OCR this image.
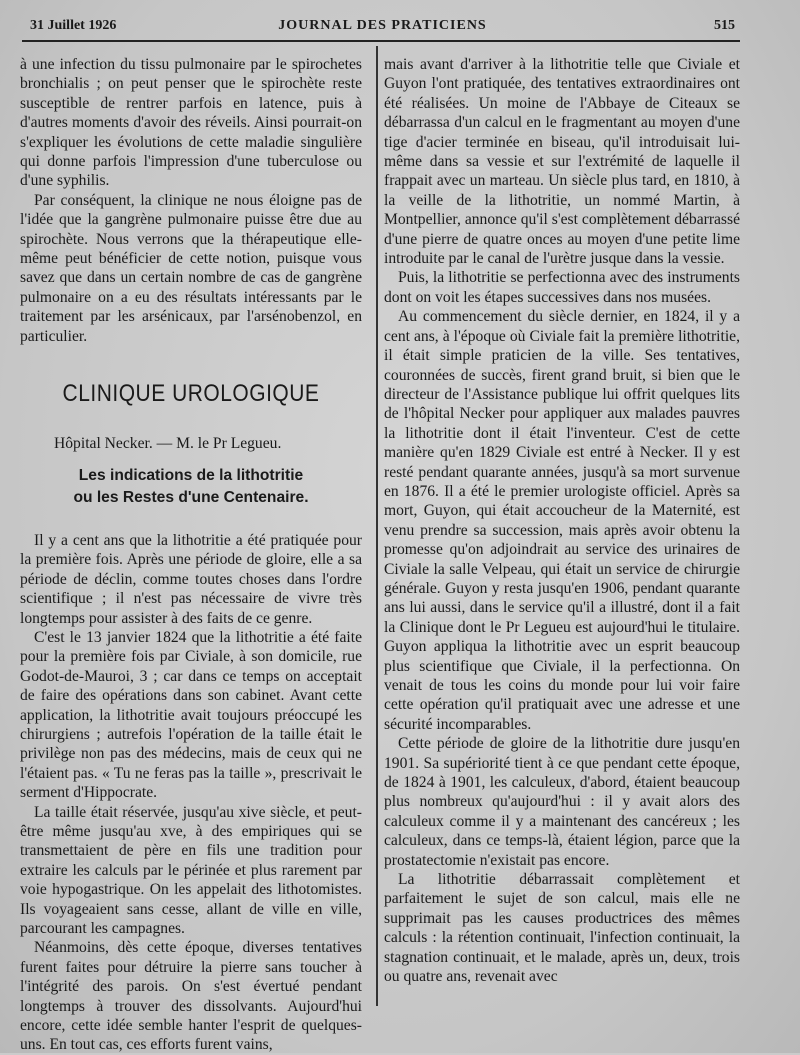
31 Juillet 1926	JOURNAL DES PRATICIENS	515

à une infection du tissu pulmonaire par le spirochetes bronchialis ; on peut penser que le spirochète reste susceptible de rentrer parfois en latence, puis à d'autres moments d'avoir des réveils. Ainsi pourrait-on s'expliquer les évolutions de cette maladie singulière qui donne parfois l'impression d'une tuberculose ou d'une syphilis.

Par conséquent, la clinique ne nous éloigne pas de l'idée que la gangrène pulmonaire puisse être due au spirochète. Nous verrons que la thérapeutique elle-même peut bénéficier de cette notion, puisque vous savez que dans un certain nombre de cas de gangrène pulmonaire on a eu des résultats intéressants par le traitement par les arsénicaux, par l'arsénobenzol, en particulier.

CLINIQUE UROLOGIQUE
Hôpital Necker. — M. le Pr Legueu.
Les indications de la lithotritie
ou les Restes d'une Centenaire.

Il y a cent ans que la lithotritie a été pratiquée pour la première fois. Après une période de gloire, elle a sa période de déclin, comme toutes choses dans l'ordre scientifique ; il n'est pas nécessaire de vivre très longtemps pour assister à des faits de ce genre.

C'est le 13 janvier 1824 que la lithotritie a été faite pour la première fois par Civiale, à son domicile, rue Godot-de-Mauroi, 3 ; car dans ce temps on acceptait de faire des opérations dans son cabinet. Avant cette application, la lithotritie avait toujours préoccupé les chirurgiens ; autrefois l'opération de la taille était le privilège non pas des médecins, mais de ceux qui ne l'étaient pas. « Tu ne feras pas la taille », prescrivait le serment d'Hippocrate.

La taille était réservée, jusqu'au xive siècle, et peut-être même jusqu'au xve, à des empiriques qui se transmettaient de père en fils une tradition pour extraire les calculs par le périnée et plus rarement par voie hypogastrique. On les appelait des lithotomistes. Ils voyageaient sans cesse, allant de ville en ville, parcourant les campagnes.

Néanmoins, dès cette époque, diverses tentatives furent faites pour détruire la pierre sans toucher à l'intégrité des parois. On s'est évertué pendant longtemps à trouver des dissolvants. Aujourd'hui encore, cette idée semble hanter l'esprit de quelques-uns. En tout cas, ces efforts furent vains,

mais avant d'arriver à la lithotritie telle que Civiale et Guyon l'ont pratiquée, des tentatives extraordinaires ont été réalisées. Un moine de l'Abbaye de Citeaux se débarrassa d'un calcul en le fragmentant au moyen d'une tige d'acier terminée en biseau, qu'il introduisait lui-même dans sa vessie et sur l'extrémité de laquelle il frappait avec un marteau. Un siècle plus tard, en 1810, à la veille de la lithotritie, un nommé Martin, à Montpellier, annonce qu'il s'est complètement débarrassé d'une pierre de quatre onces au moyen d'une petite lime introduite par le canal de l'urètre jusque dans la vessie.

Puis, la lithotritie se perfectionna avec des instruments dont on voit les étapes successives dans nos musées.

Au commencement du siècle dernier, en 1824, il y a cent ans, à l'époque où Civiale fait la première lithotritie, il était simple praticien de la ville. Ses tentatives, couronnées de succès, firent grand bruit, si bien que le directeur de l'Assistance publique lui offrit quelques lits de l'hôpital Necker pour appliquer aux malades pauvres la lithotritie dont il était l'inventeur. C'est de cette manière qu'en 1829 Civiale est entré à Necker. Il y est resté pendant quarante années, jusqu'à sa mort survenue en 1876. Il a été le premier urologiste officiel. Après sa mort, Guyon, qui était accoucheur de la Maternité, est venu prendre sa succession, mais après avoir obtenu la promesse qu'on adjoindrait au service des urinaires de Civiale la salle Velpeau, qui était un service de chirurgie générale. Guyon y resta jusqu'en 1906, pendant quarante ans lui aussi, dans le service qu'il a illustré, dont il a fait la Clinique dont le Pr Legueu est aujourd'hui le titulaire. Guyon appliqua la lithotritie avec un esprit beaucoup plus scientifique que Civiale, il la perfectionna. On venait de tous les coins du monde pour lui voir faire cette opération qu'il pratiquait avec une adresse et une sécurité incomparables.

Cette période de gloire de la lithotritie dure jusqu'en 1901. Sa supériorité tient à ce que pendant cette époque, de 1824 à 1901, les calculeux, d'abord, étaient beaucoup plus nombreux qu'aujourd'hui : il y avait alors des calculeux comme il y a maintenant des cancéreux ; les calculeux, dans ce temps-là, étaient légion, parce que la prostatectomie n'existait pas encore.

La lithotritie débarrassait complètement et parfaitement le sujet de son calcul, mais elle ne supprimait pas les causes productrices des mêmes calculs : la rétention continuait, l'infection continuait, la stagnation continuait, et le malade, après un, deux, trois ou quatre ans, revenait avec
